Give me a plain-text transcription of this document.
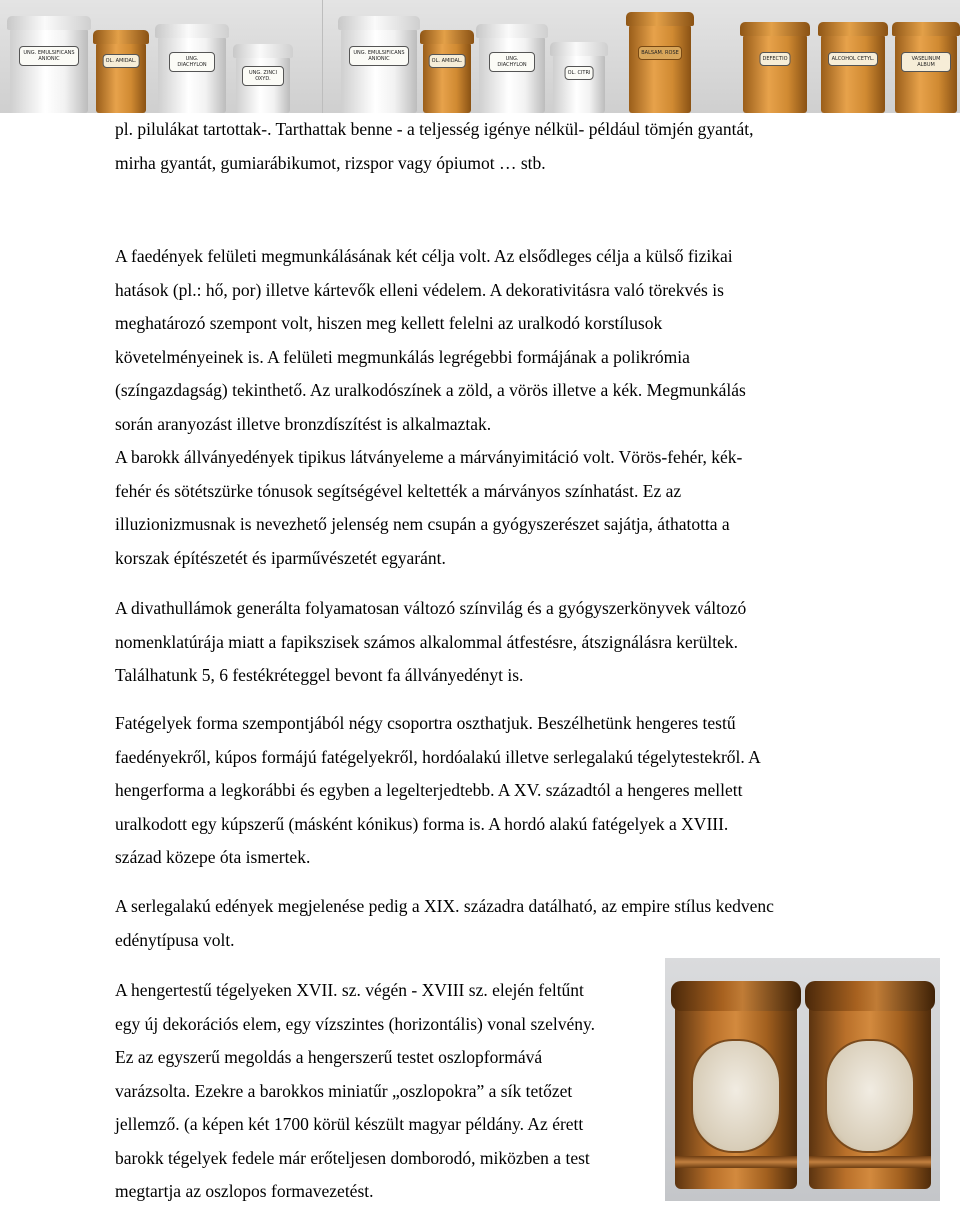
UNG. EMULSIFICANS ANIONIC	OL. AMIDAL.	UNG. DIACHYLON
UNG. ZINCI OXYD.
UNG. EMULSIFICANS ANIONIC	OL. AMIDAL.	UNG. DIACHYLON
OL. CITRI
BALSAM. ROSE
DEFECTIO	ALCOHOL CETYL.	VASELINUM ALBUM
pl. pilulákat tartottak-. Tarthattak benne - a teljesség igénye nélkül- például tömjén gyantát,
mirha gyantát, gumiarábikumot, rizspor vagy ópiumot … stb.
A faedények felületi megmunkálásának két célja volt. Az elsődleges célja a külső fizikai
hatások (pl.: hő, por) illetve kártevők elleni védelem. A dekorativitásra való törekvés is
meghatározó szempont volt, hiszen meg kellett felelni az uralkodó korstílusok
követelményeinek is. A felületi megmunkálás legrégebbi formájának a polikrómia
(színgazdagság) tekinthető. Az uralkodószínek a zöld, a vörös illetve a kék. Megmunkálás
során aranyozást illetve bronzdíszítést is alkalmaztak.
A barokk állványedények tipikus látványeleme a márványimitáció volt. Vörös-fehér, kék-
fehér és sötétszürke tónusok segítségével keltették a márványos színhatást. Ez az
illuzionizmusnak is nevezhető jelenség nem csupán a gyógyszerészet sajátja, áthatotta a
korszak építészetét és iparművészetét egyaránt.
A divathullámok generálta folyamatosan változó színvilág és a gyógyszerkönyvek változó
nomenklatúrája miatt a fapikszisek számos alkalommal átfestésre, átszignálásra kerültek.
Találhatunk 5, 6 festékréteggel bevont fa állványedényt is.
Fatégelyek forma szempontjából négy csoportra oszthatjuk. Beszélhetünk hengeres testű
faedényekről, kúpos formájú fatégelyekről, hordóalakú illetve serlegalakú tégelytestekről. A
hengerforma a legkorábbi és egyben a legelterjedtebb. A XV. századtól a hengeres mellett
uralkodott egy kúpszerű (másként kónikus) forma is. A hordó alakú fatégelyek a XVIII.
század közepe óta ismertek.
A serlegalakú edények megjelenése pedig a XIX. századra datálható, az empire stílus kedvenc
edénytípusa volt.
A hengertestű tégelyeken XVII. sz. végén - XVIII sz. elején feltűnt
egy új dekorációs elem, egy vízszintes (horizontális) vonal szelvény.
Ez az egyszerű megoldás a hengerszerű testet oszlopformává
varázsolta. Ezekre a barokkos miniatűr „oszlopokra” a sík tetőzet
jellemző. (a képen két 1700 körül készült magyar példány. Az érett
barokk tégelyek fedele már erőteljesen domborodó, miközben a test
megtartja az oszlopos formavezetést.
